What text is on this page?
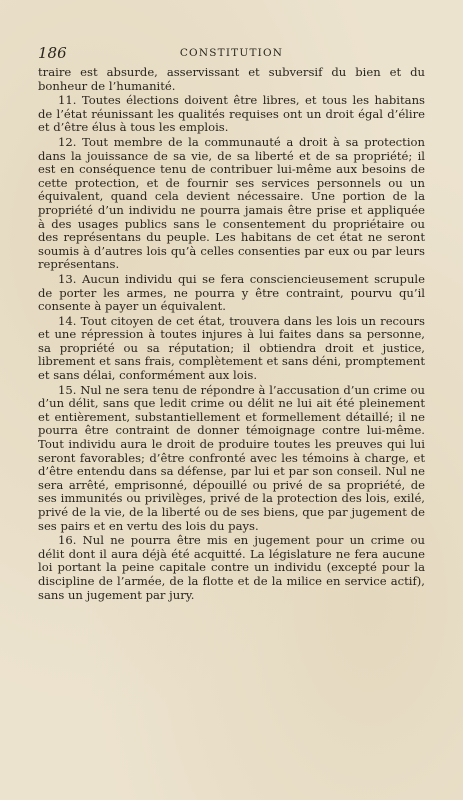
186	CONSTITUTION

traire est absurde, asservissant et subversif du bien et du bonheur de l’humanité.

11. Toutes élections doivent être libres, et tous les habitans de l’état réunissant les qualités requises ont un droit égal d’élire et d’être élus à tous les emplois.

12. Tout membre de la communauté a droit à sa protection dans la jouissance de sa vie, de sa liberté et de sa propriété; il est en conséquence tenu de contribuer lui-même aux besoins de cette protection, et de fournir ses services personnels ou un équivalent, quand cela devient nécessaire. Une portion de la propriété d’un individu ne pourra jamais être prise et appliquée à des usages publics sans le consentement du propriétaire ou des représentans du peuple. Les habitans de cet état ne seront soumis à d’autres lois qu’à celles consenties par eux ou par leurs représentans.

13. Aucun individu qui se fera consciencieusement scrupule de porter les armes, ne pourra y être contraint, pourvu qu’il consente à payer un équivalent.

14. Tout citoyen de cet état, trouvera dans les lois un recours et une répression à toutes injures à lui faites dans sa personne, sa propriété ou sa réputation; il obtiendra droit et justice, librement et sans frais, complètement et sans déni, promptement et sans délai, conformément aux lois.

15. Nul ne sera tenu de répondre à l’accusation d’un crime ou d’un délit, sans que ledit crime ou délit ne lui ait été pleinement et entièrement, substantiellement et formellement détaillé; il ne pourra être contraint de donner témoignage contre lui-même. Tout individu aura le droit de produire toutes les preuves qui lui seront favorables; d’être confronté avec les témoins à charge, et d’être entendu dans sa défense, par lui et par son conseil. Nul ne sera arrêté, emprisonné, dépouillé ou privé de sa propriété, de ses immunités ou privilèges, privé de la protection des lois, exilé, privé de la vie, de la liberté ou de ses biens, que par jugement de ses pairs et en vertu des lois du pays.

16. Nul ne pourra être mis en jugement pour un crime ou délit dont il aura déjà été acquitté. La législature ne fera aucune loi portant la peine capitale contre un individu (excepté pour la discipline de l’armée, de la flotte et de la milice en service actif), sans un jugement par jury.
